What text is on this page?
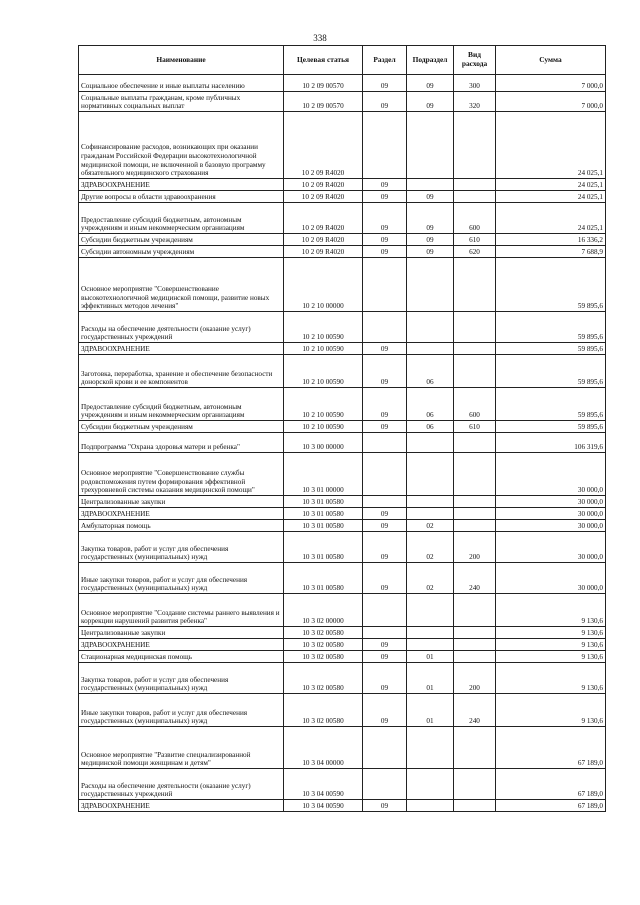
338
Наименование	Целевая статья	Раздел	Подраздел	Вид расхода	Сумма
Социальное обеспечение и иные выплаты населению	10 2 09 00570	09	09	300	7 000,0
Социальные выплаты гражданам, кроме публичных нормативных социальных выплат	10 2 09 00570	09	09	320	7 000,0
Софинансирование расходов, возникающих при оказании гражданам Российской Федерации высокотехнологичной медицинской помощи, не включенной в базовую программу обязательного медицинского страхования	10 2 09 R4020				24 025,1
ЗДРАВООХРАНЕНИЕ	10 2 09 R4020	09			24 025,1
Другие вопросы в области здравоохранения	10 2 09 R4020	09	09		24 025,1
Предоставление субсидий бюджетным, автономным учреждениям и иным некоммерческим организациям	10 2 09 R4020	09	09	600	24 025,1
Субсидии бюджетным учреждениям	10 2 09 R4020	09	09	610	16 336,2
Субсидии автономным учреждениям	10 2 09 R4020	09	09	620	7 688,9
Основное мероприятие "Совершенствование высокотехнологичной медицинской помощи, развитие новых эффективных методов лечения"	10 2 10 00000				59 895,6
Расходы на обеспечение деятельности (оказание услуг) государственных учреждений	10 2 10 00590				59 895,6
ЗДРАВООХРАНЕНИЕ	10 2 10 00590	09			59 895,6
Заготовка, переработка, хранение и обеспечение безопасности донорской крови и ее компонентов	10 2 10 00590	09	06		59 895,6
Предоставление субсидий бюджетным, автономным учреждениям и иным некоммерческим организациям	10 2 10 00590	09	06	600	59 895,6
Субсидии бюджетным учреждениям	10 2 10 00590	09	06	610	59 895,6
Подпрограмма "Охрана здоровья матери и ребенка"	10 3 00 00000				106 319,6
Основное мероприятие "Совершенствование службы родовспоможения путем формирования эффективной трехуровневой системы оказания медицинской помощи"	10 3 01 00000				30 000,0
Централизованные закупки	10 3 01 00580				30 000,0
ЗДРАВООХРАНЕНИЕ	10 3 01 00580	09			30 000,0
Амбулаторная помощь	10 3 01 00580	09	02		30 000,0
Закупка товаров, работ и услуг для обеспечения государственных (муниципальных) нужд	10 3 01 00580	09	02	200	30 000,0
Иные закупки товаров, работ и услуг для обеспечения государственных (муниципальных) нужд	10 3 01 00580	09	02	240	30 000,0
Основное мероприятие "Создание системы раннего выявления и коррекции нарушений развития ребенка"	10 3 02 00000				9 130,6
Централизованные закупки	10 3 02 00580				9 130,6
ЗДРАВООХРАНЕНИЕ	10 3 02 00580	09			9 130,6
Стационарная медицинская помощь	10 3 02 00580	09	01		9 130,6
Закупка товаров, работ и услуг для обеспечения государственных (муниципальных) нужд	10 3 02 00580	09	01	200	9 130,6
Иные закупки товаров, работ и услуг для обеспечения государственных (муниципальных) нужд	10 3 02 00580	09	01	240	9 130,6
Основное мероприятие "Развитие специализированной медицинской помощи женщинам и детям"	10 3 04 00000				67 189,0
Расходы на обеспечение деятельности (оказание услуг) государственных учреждений	10 3 04 00590				67 189,0
ЗДРАВООХРАНЕНИЕ	10 3 04 00590	09			67 189,0
